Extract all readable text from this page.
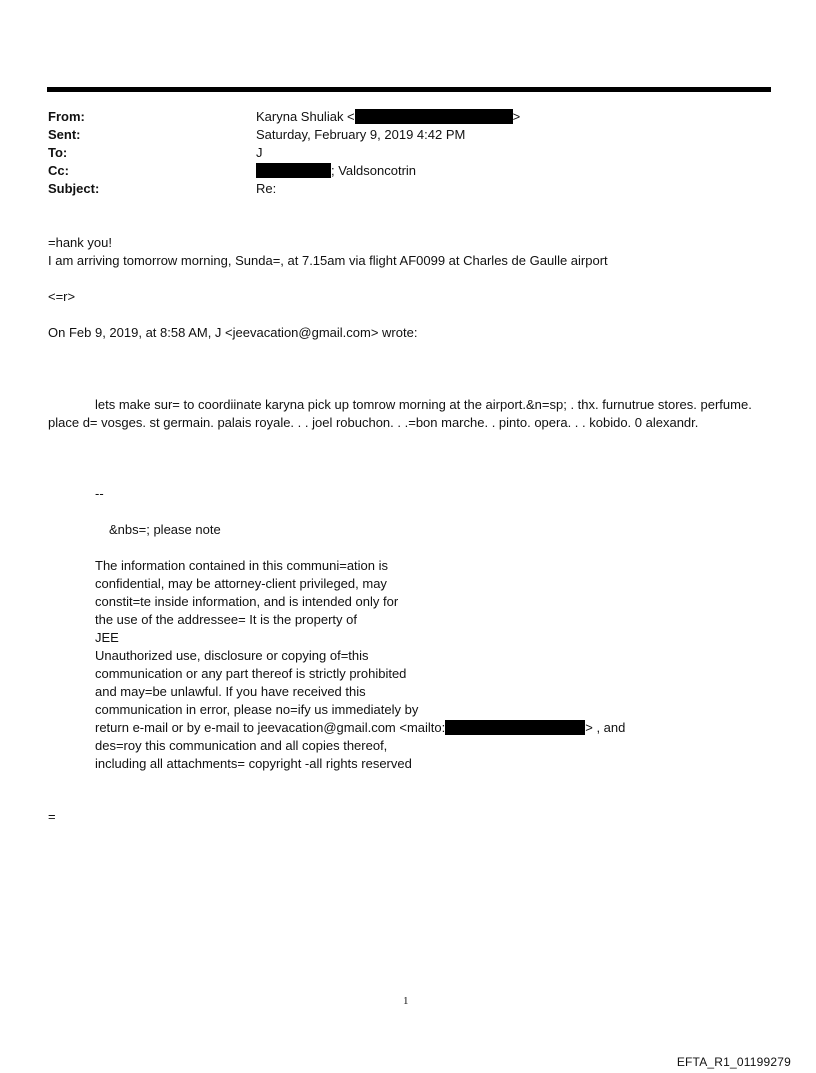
From:	Karyna Shuliak <	>
Sent:	Saturday, February 9, 2019 4:42 PM
To:	J
Cc:	; Valdsoncotrin
Subject:	Re:
=hank you!
I am arriving tomorrow morning, Sunda=, at 7.15am via flight AF0099 at Charles de Gaulle airport
<=r>
On Feb 9, 2019, at 8:58 AM, J <jeevacation@gmail.com> wrote:
lets make sur= to coordiinate karyna pick up tomrow morning at the airport.&n=sp; . thx. furnutrue stores. perfume. place d= vosges. st germain. palais royale. . . joel robuchon. . .=bon marche. . pinto. opera. . . kobido. 0 alexandr.
--
&nbs=; please note
The information contained in this communi=ation is
confidential, may be attorney-client privileged, may
constit=te inside information, and is intended only for
the use of the addressee= It is the property of
JEE
Unauthorized use, disclosure or copying of=this
communication or any part thereof is strictly prohibited
and may=be unlawful. If you have received this
communication in error, please no=ify us immediately by
return e-mail or by e-mail to jeevacation@gmail.com <mailto:	> , and
des=roy this communication and all copies thereof,
including all attachments= copyright -all rights reserved
=
1
EFTA_R1_01199279
